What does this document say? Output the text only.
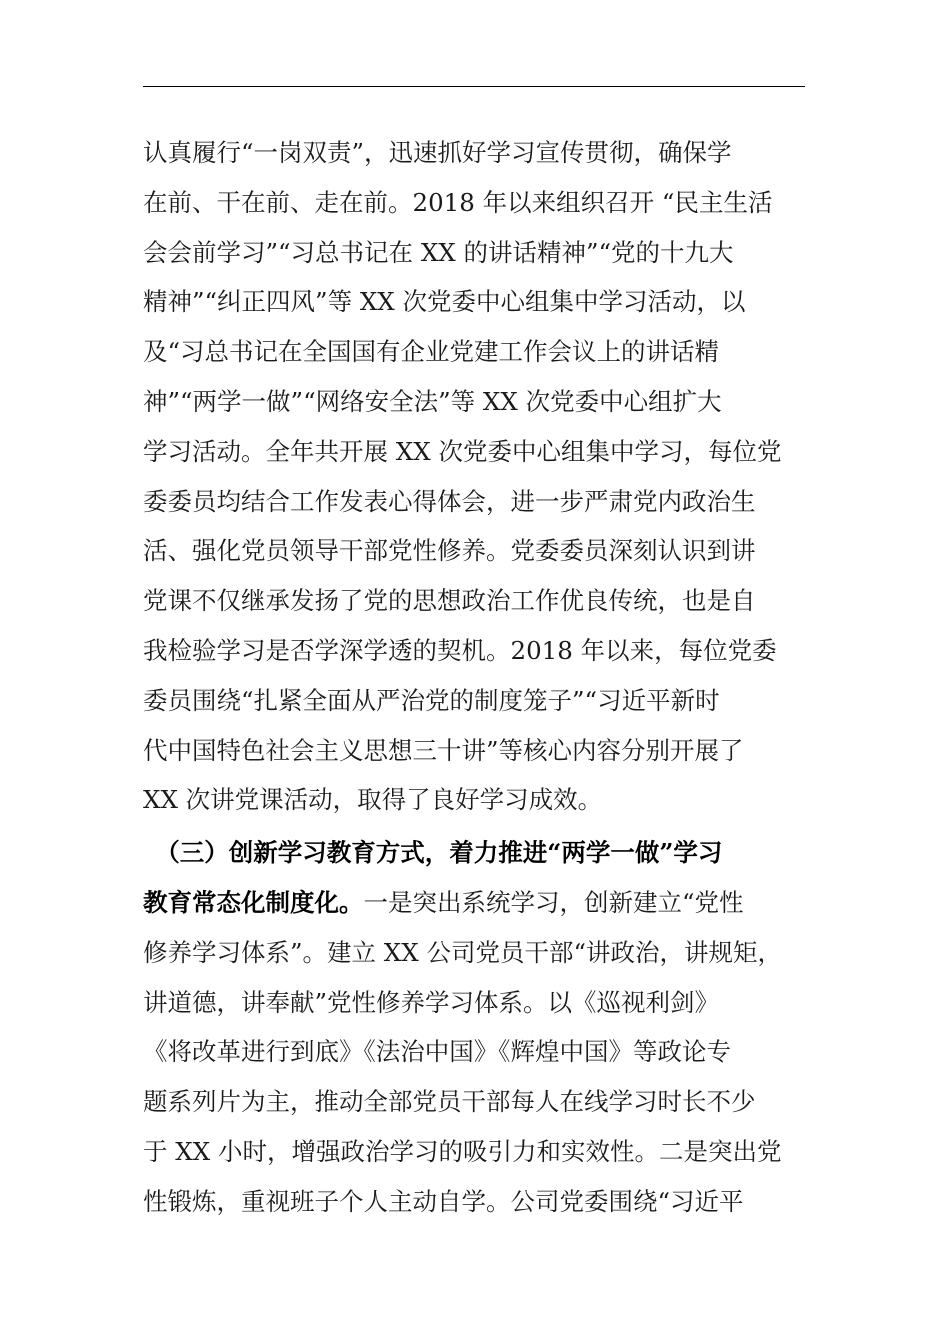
认真履行“一岗双责”，迅速抓好学习宣传贯彻，确保学
在前、干在前、走在前。2018 年以来组织召开 “民主生活
会会前学习”“习总书记在 XX 的讲话精神”“党的十九大
精神”“纠正四风”等 XX 次党委中心组集中学习活动，以
及“习总书记在全国国有企业党建工作会议上的讲话精
神”“两学一做”“网络安全法”等 XX 次党委中心组扩大
学习活动。全年共开展 XX 次党委中心组集中学习，每位党
委委员均结合工作发表心得体会，进一步严肃党内政治生
活、强化党员领导干部党性修养。党委委员深刻认识到讲
党课不仅继承发扬了党的思想政治工作优良传统，也是自
我检验学习是否学深学透的契机。2018 年以来，每位党委
委员围绕“扎紧全面从严治党的制度笼子”“习近平新时
代中国特色社会主义思想三十讲”等核心内容分别开展了
XX 次讲党课活动，取得了良好学习成效。
　（三）创新学习教育方式，着力推进“两学一做”学习
教育常态化制度化。一是突出系统学习，创新建立“党性
修养学习体系”。建立 XX 公司党员干部“讲政治，讲规矩，
讲道德，讲奉献”党性修养学习体系。以《巡视利剑》
《将改革进行到底》《法治中国》《辉煌中国》等政论专
题系列片为主，推动全部党员干部每人在线学习时长不少
于 XX 小时，增强政治学习的吸引力和实效性。二是突出党
性锻炼，重视班子个人主动自学。公司党委围绕“习近平
